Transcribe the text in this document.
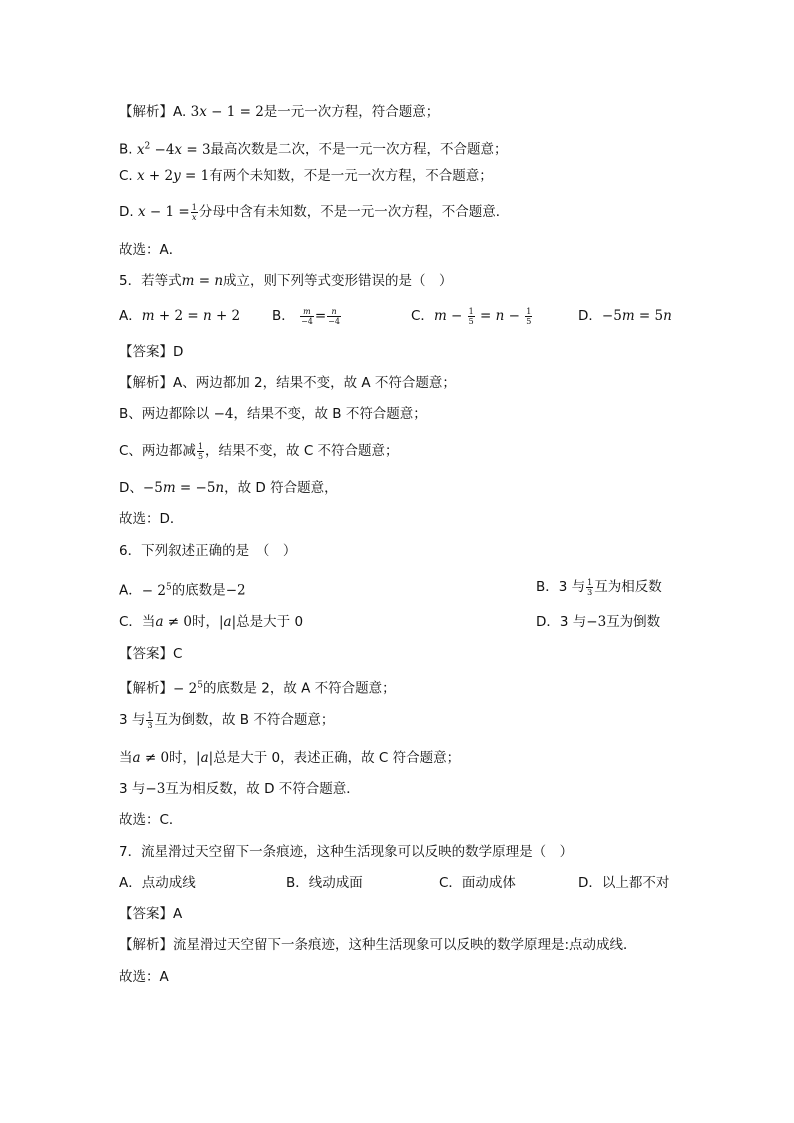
【解析】A. 3x − 1 = 2是一元一次方程，符合题意；
B. $x^2 -4x = 3$最高次数是二次，不是一元一次方程，不合题意；
C. x + 2y = 1有两个未知数，不是一元一次方程，不合题意；
D. $x - 1 = \frac{1}{x}$ 分母中含有未知数，不是一元一次方程，不合题意．
故选：A．
5．若等式m = n成立，则下列等式变形错误的是（　）
A．m + 2 = n + 2 B． $\frac{m}{-4} = \frac{n}{-4}$	C．$m - \frac{1}{5} = n - \frac{1}{5}$	D．−5m = 5n
【答案】D
【解析】A、两边都加 2，结果不变，故 A 不符合题意；
B、两边都除以 −4，结果不变，故 B 不符合题意；
C、两边都减 $\frac{1}{5}$ ，结果不变，故 C 不符合题意；
D、−5m = −5n，故 D 符合题意，
故选：D．
6．下列叙述正确的是　（　）
A．− $2^5$的底数是−2	B．3 与 $\frac{1}{3}$ 互为相反数
C．当a ≠ 0时，|a|总是大于 0	D．3 与−3互为倒数
【答案】C
【解析】− $2^5$的底数是 2，故 A 不符合题意；
3 与 $\frac{1}{3}$ 互为倒数，故 B 不符合题意；
当a ≠ 0时，|a|总是大于 0，表述正确，故 C 符合题意；
3 与−3互为相反数，故 D 不符合题意．
故选：C．
7．流星滑过天空留下一条痕迹，这种生活现象可以反映的数学原理是（　）
A．点动成线	B．线动成面	C．面动成体	D．以上都不对
【答案】A
【解析】流星滑过天空留下一条痕迹，这种生活现象可以反映的数学原理是:点动成线．
故选：A
